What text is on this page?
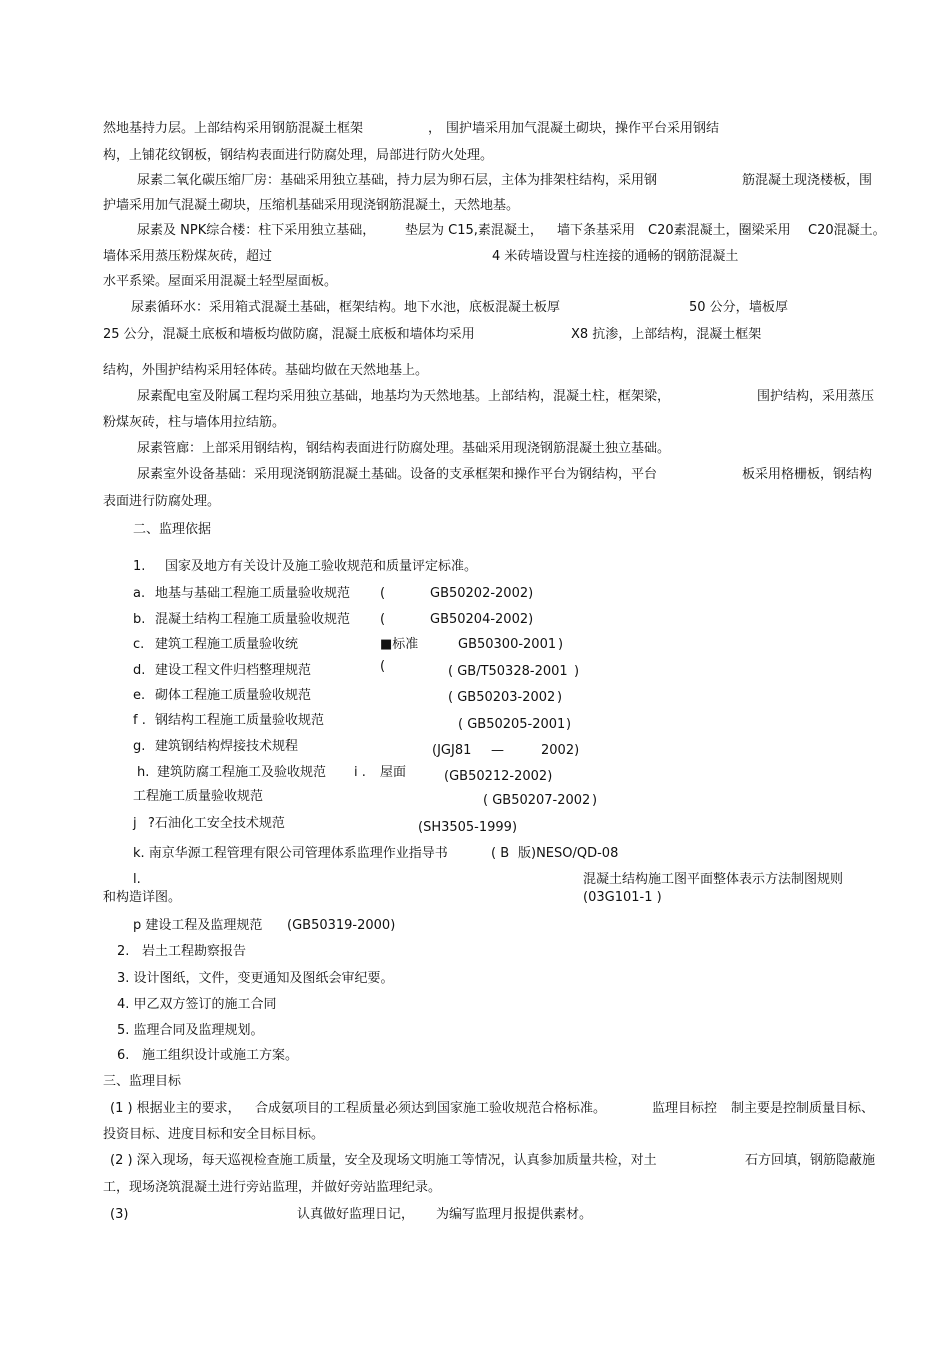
然地基持力层。上部结构采用钢筋混凝土框架	， 围护墙采用加气混凝土砌块，操作平台采用钢结
构，上铺花纹钢板，钢结构表面进行防腐处理，局部进行防火处理。
尿素二氧化碳压缩厂房：基础采用独立基础，持力层为卵石层，主体为排架柱结构，采用钢	筋混凝土现浇楼板，围
护墙采用加气混凝土砌块，压缩机基础采用现浇钢筋混凝土，天然地基。
尿素及 NPK综合楼：柱下采用独立基础， 垫层为 C15,素混凝土， 墙下条基采用 C20素混凝土，圈梁采用 C20混凝土。
墙体采用蒸压粉煤灰砖，超过	4 米砖墙设置与柱连接的通畅的钢筋混凝土
水平系梁。屋面采用混凝土轻型屋面板。
尿素循环水：采用箱式混凝土基础，框架结构。地下水池，底板混凝土板厚	50 公分， 墙板厚
25 公分，混凝土底板和墙板均做防腐，混凝土底板和墙体均采用	X8 抗渗，上部结构，混凝土框架
结构，外围护结构采用轻体砖。基础均做在天然地基上。
尿素配电室及附属工程均采用独立基础，地基均为天然地基。上部结构，混凝土柱，框架梁，	围护结构，采用蒸压
粉煤灰砖，柱与墙体用拉结筋。
尿素管廊：上部采用钢结构，钢结构表面进行防腐处理。基础采用现浇钢筋混凝土独立基础。
尿素室外设备基础：采用现浇钢筋混凝土基础。设备的支承框架和操作平台为钢结构，平台	板采用格栅板，钢结构
表面进行防腐处理。
二、监理依据
1. 国家及地方有关设计及施工验收规范和质量评定标准。
a. 地基与基础工程施工质量验收规范 (	GB50202-2002)
b. 混凝土结构工程施工质量验收规范 (	GB50204-2002)
c. 建筑工程施工质量验收统	■标准	GB50300-2001 )
d. 建设工程文件归档整理规范	(	( GB/T50328-2001 )
e. 砌体工程施工质量验收规范	( GB50203-2002 )
f . 钢结构工程施工质量验收规范	( GB50205-2001 )
g. 建筑钢结构焊接技术规程	(JGJ81 —	2002)
h. 建筑防腐工程施工及验收规范 i . 屋面	(GB50212-2002)
工程施工质量验收规范	( GB50207-2002 )
j ?石油化工安全技术规范	(SH3505-1999)
k. 南京华源工程管理有限公司管理体系监理作业指导书	( B 版)NESO/QD-08
l.	混凝土结构施工图平面整体表示方法制图规则
和构造详图。	(03G101-1 )
p 建设工程及监理规范 (GB50319-2000)
2. 岩土工程勘察报告
3. 设计图纸，文件，变更通知及图纸会审纪要。
4. 甲乙双方签订的施工合同
5. 监理合同及监理规划。
6. 施工组织设计或施工方案。
三、监理目标
(1 ) 根据业主的要求， 合成氨项目的工程质量必须达到国家施工验收规范合格标准。	监理目标控 制主要是控制质量目标、
投资目标、进度目标和安全目标目标。
(2 ) 深入现场，每天巡视检查施工质量，安全及现场文明施工等情况，认真参加质量共检，对土	石方回填，钢筋隐蔽施
工，现场浇筑混凝土进行旁站监理，并做好旁站监理纪录。
(3)	认真做好监理日记， 为编写监理月报提供素材。
